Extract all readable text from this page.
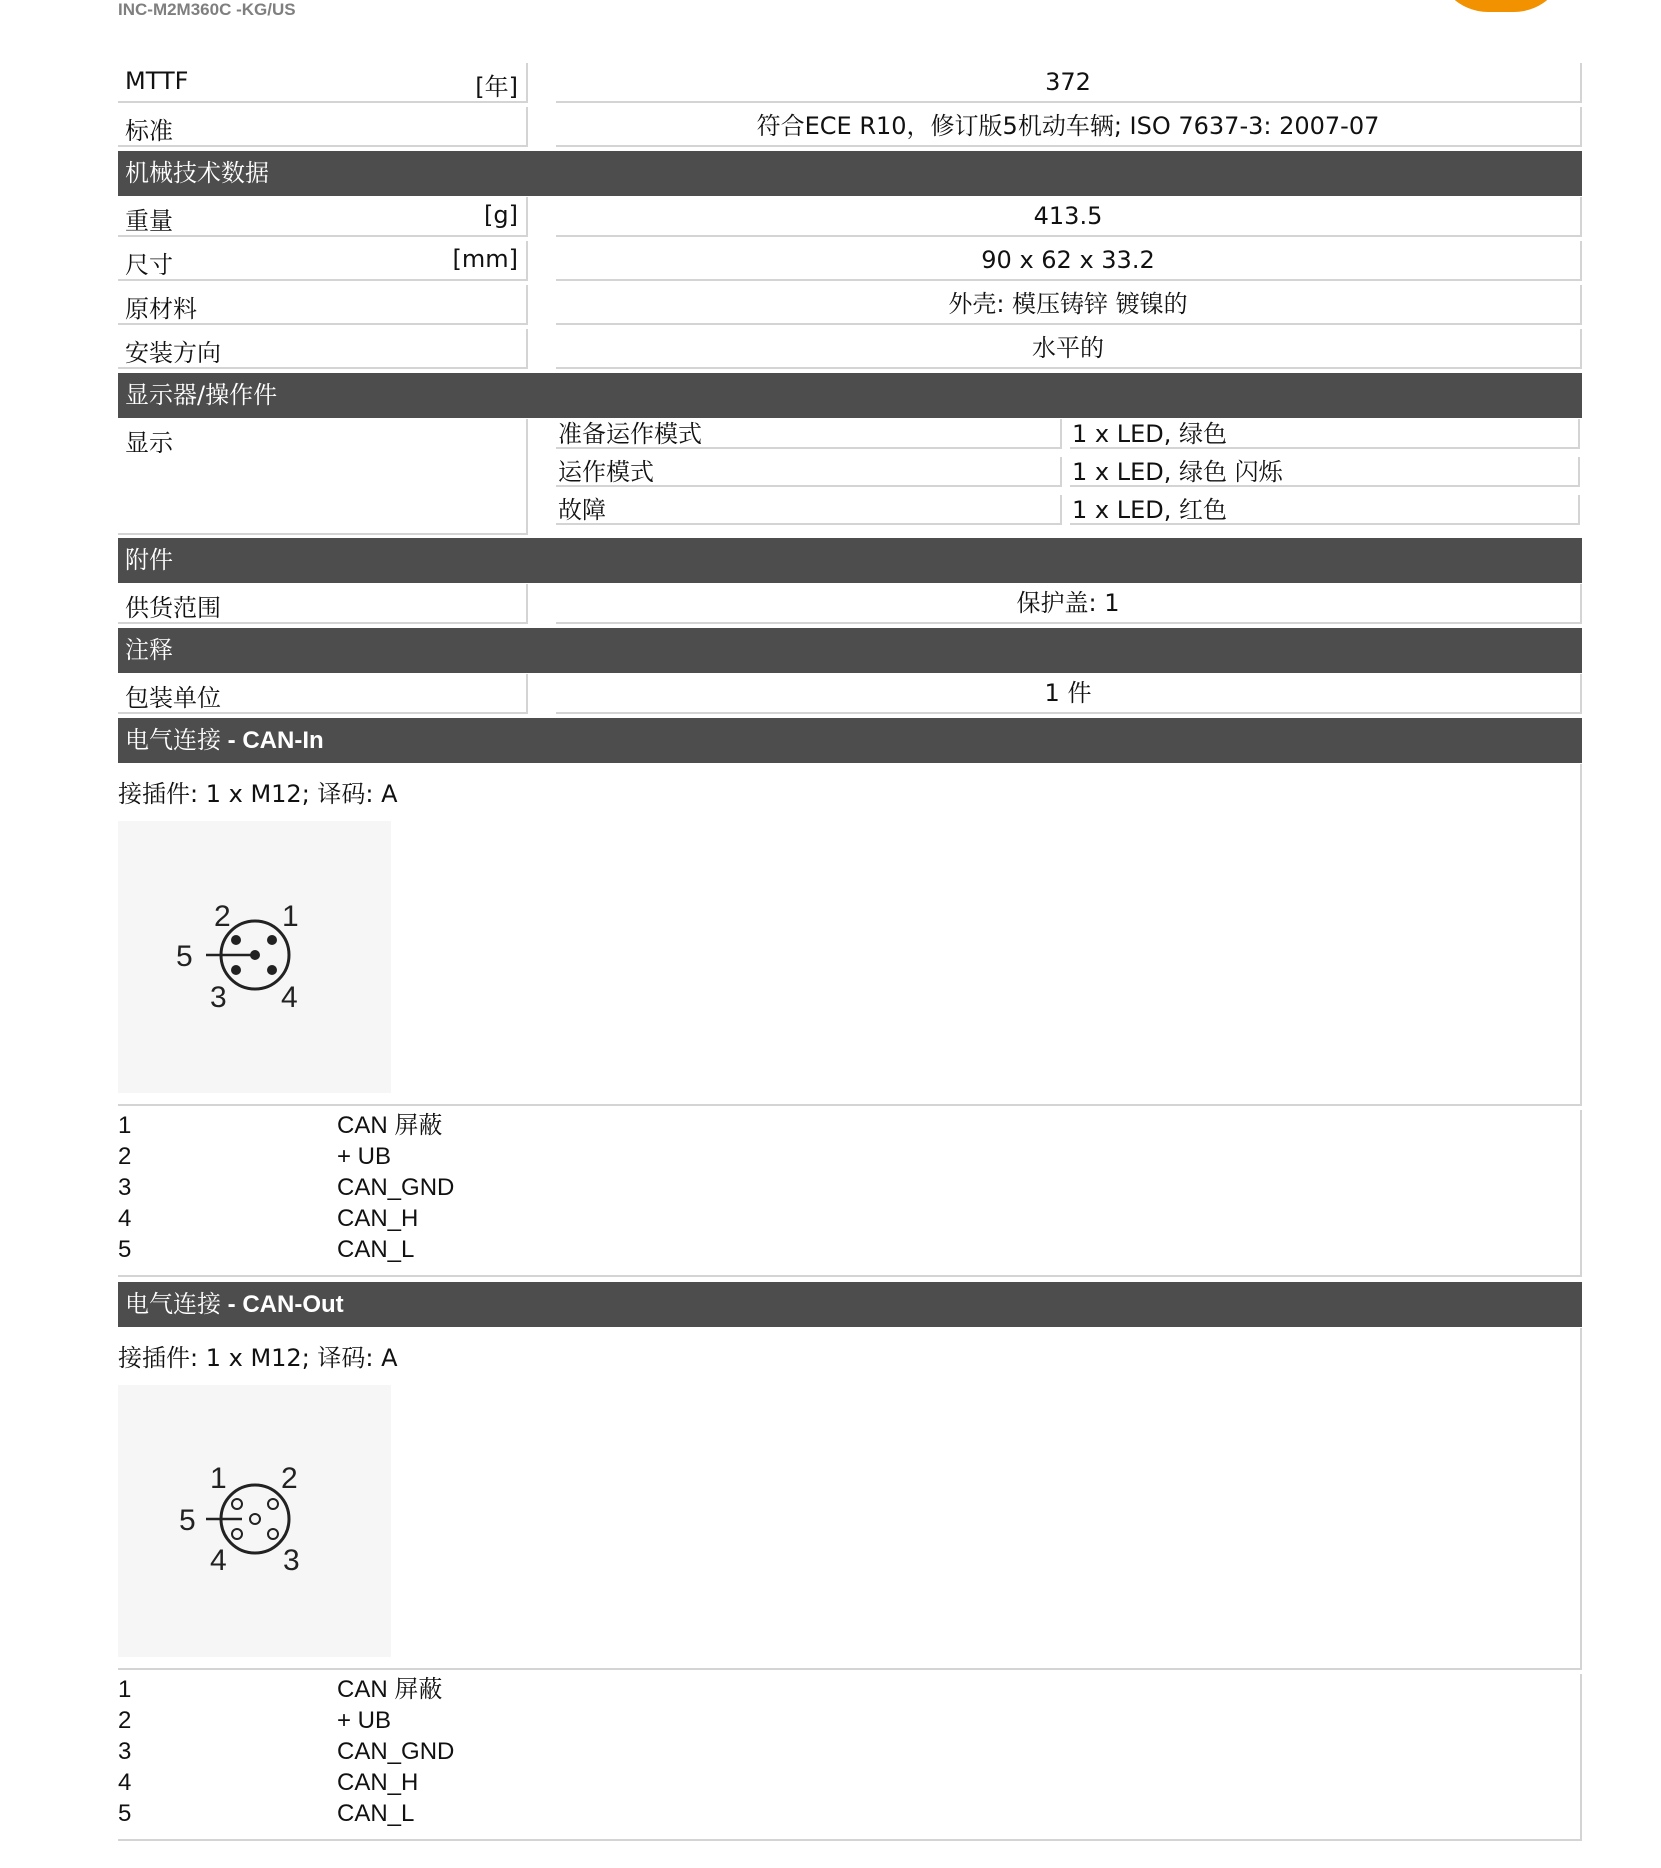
INC-M2M360C -KG/US
MTTF	[年]	372
标准	符合ECE R10，修订版5机动车辆; ISO 7637-3: 2007-07
机械技术数据
重量	[g]	413.5
尺寸	[mm]	90 x 62 x 33.2
原材料	外壳: 模压铸锌 镀镍的
安装方向	水平的
显示器/操作件
显示	准备运作模式	1 x LED, 绿色
运作模式	1 x LED, 绿色 闪烁
故障	1 x LED, 红色
附件
供货范围	保护盖: 1
注释
包装单位	1 件
电气连接 - CAN-In
接插件: 1 x M12; 译码: A
2 1
5
3 4
1	CAN 屏蔽
2	+ UB
3	CAN_GND
4	CAN_H
5	CAN_L
电气连接 - CAN-Out
接插件: 1 x M12; 译码: A
1 2
5
4 3
1	CAN 屏蔽
2	+ UB
3	CAN_GND
4	CAN_H
5	CAN_L
